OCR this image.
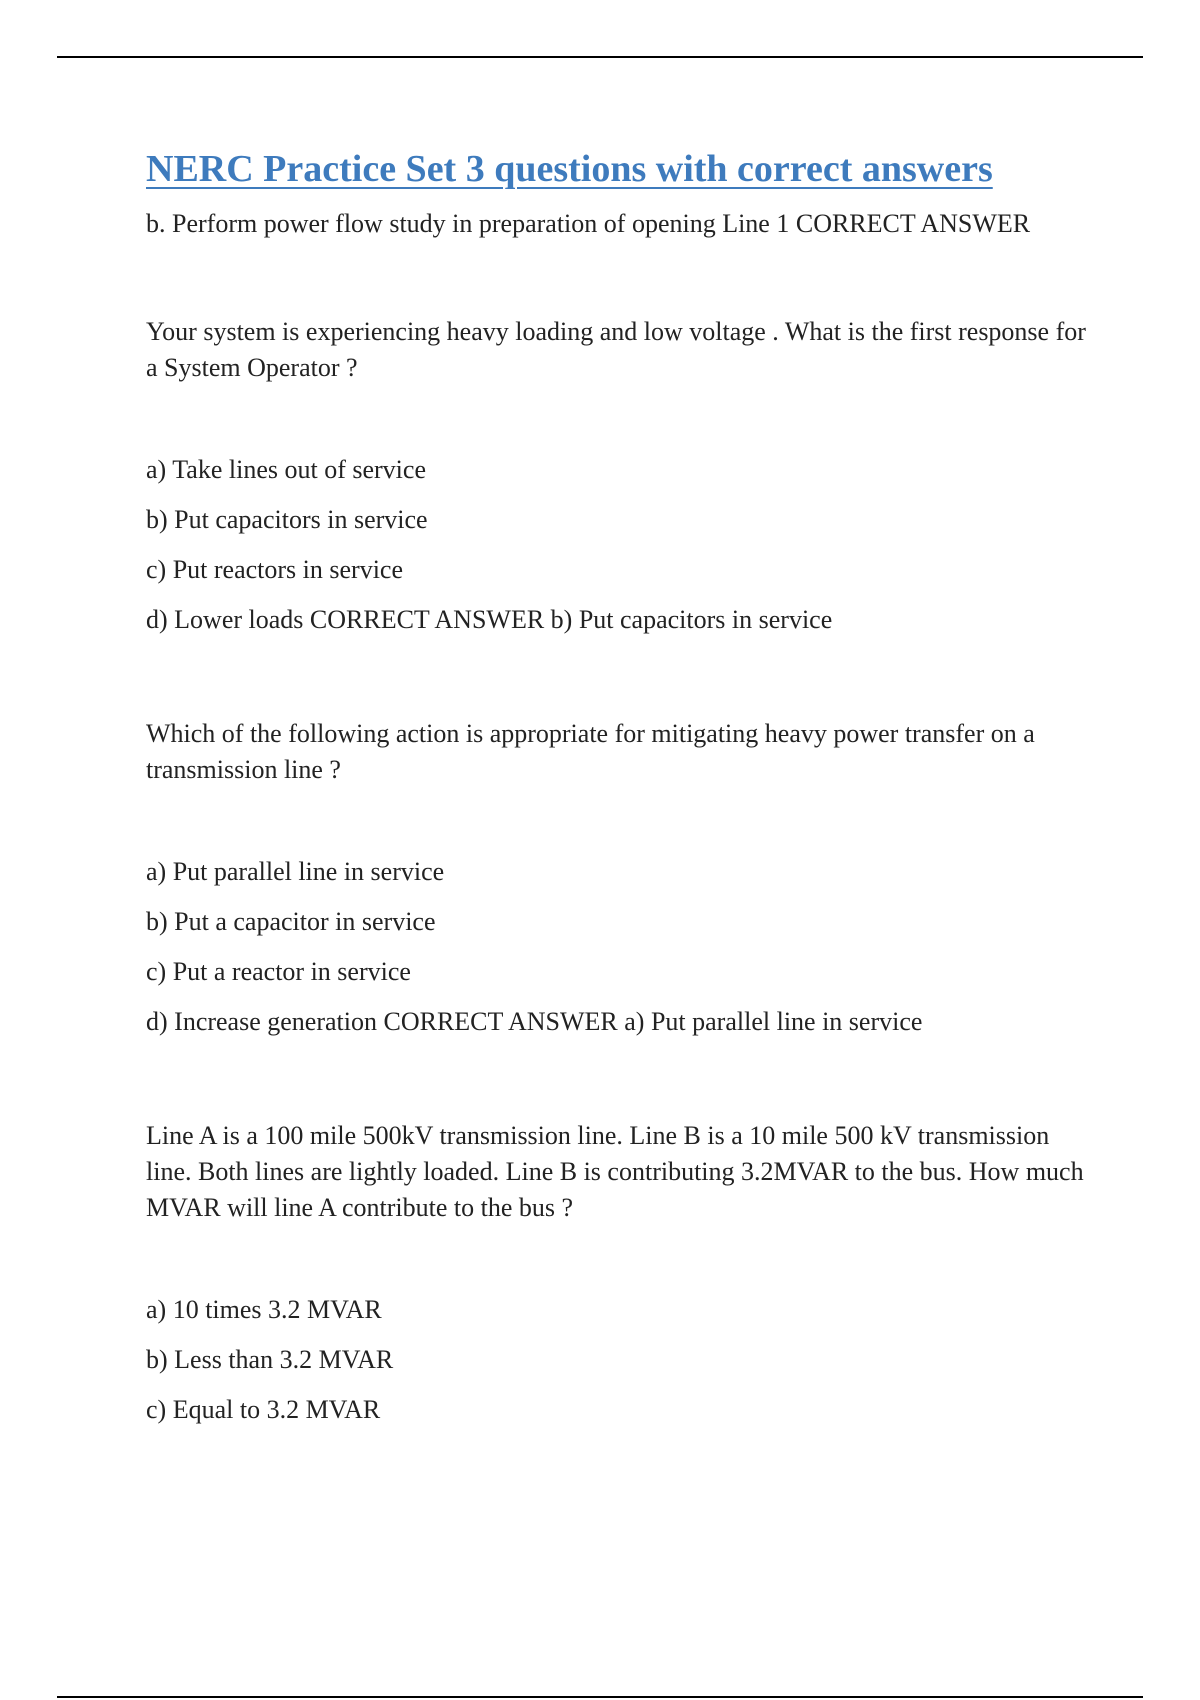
NERC Practice Set 3 questions with correct answers

b. Perform power flow study in preparation of opening Line 1 CORRECT ANSWER

Your system is experiencing heavy loading and low voltage . What is the first response for a System Operator ?

a) Take lines out of service
b) Put capacitors in service
c) Put reactors in service
d) Lower loads CORRECT ANSWER b) Put capacitors in service

Which of the following action is appropriate for mitigating heavy power transfer on a transmission line ?

a) Put parallel line in service
b) Put a capacitor in service
c) Put a reactor in service
d) Increase generation CORRECT ANSWER a) Put parallel line in service

Line A is a 100 mile 500kV transmission line. Line B is a 10 mile 500 kV transmission line. Both lines are lightly loaded. Line B is contributing 3.2MVAR to the bus. How much MVAR will line A contribute to the bus ?

a) 10 times 3.2 MVAR
b) Less than 3.2 MVAR
c) Equal to 3.2 MVAR
